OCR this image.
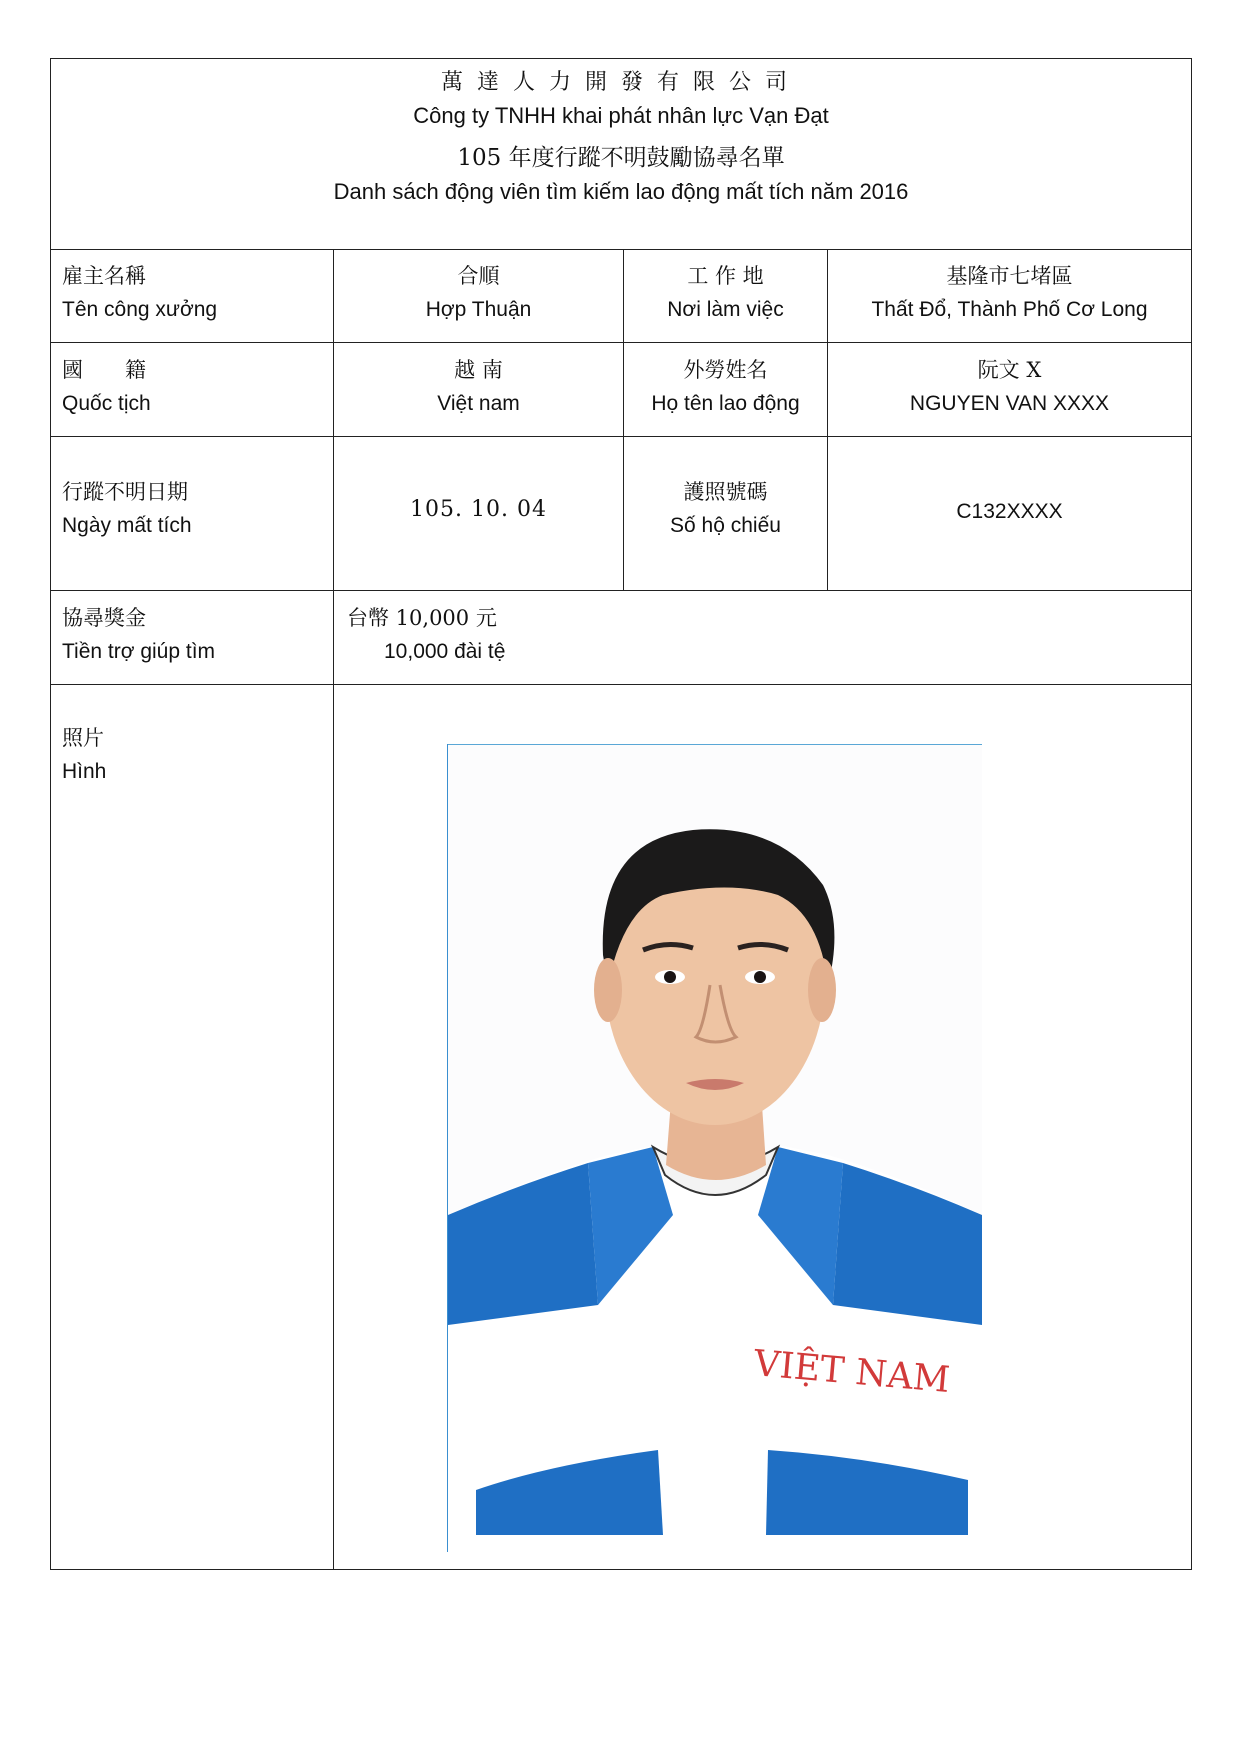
萬達人力開發有限公司
Công ty TNHH khai phát nhân lực Vạn Đạt
105 年度行蹤不明鼓勵協尋名單
Danh sách động viên tìm kiếm lao động mất tích năm 2016
雇主名稱
Tên công xưởng
合順
Hợp Thuận
工 作 地
Nơi làm việc
基隆市七堵區
Thất Đổ, Thành Phố Cơ Long
國　　籍
Quốc tịch
越 南
Việt nam
外勞姓名
Họ tên lao động
阮文 X
NGUYEN VAN XXXX
行蹤不明日期
Ngày mất tích
105. 10. 04
護照號碼
Số hộ chiếu
C132XXXX
協尋獎金
Tiền trợ giúp tìm
台幣 10,000 元
10,000 đài tệ
照片
Hình
VIỆT NAM
